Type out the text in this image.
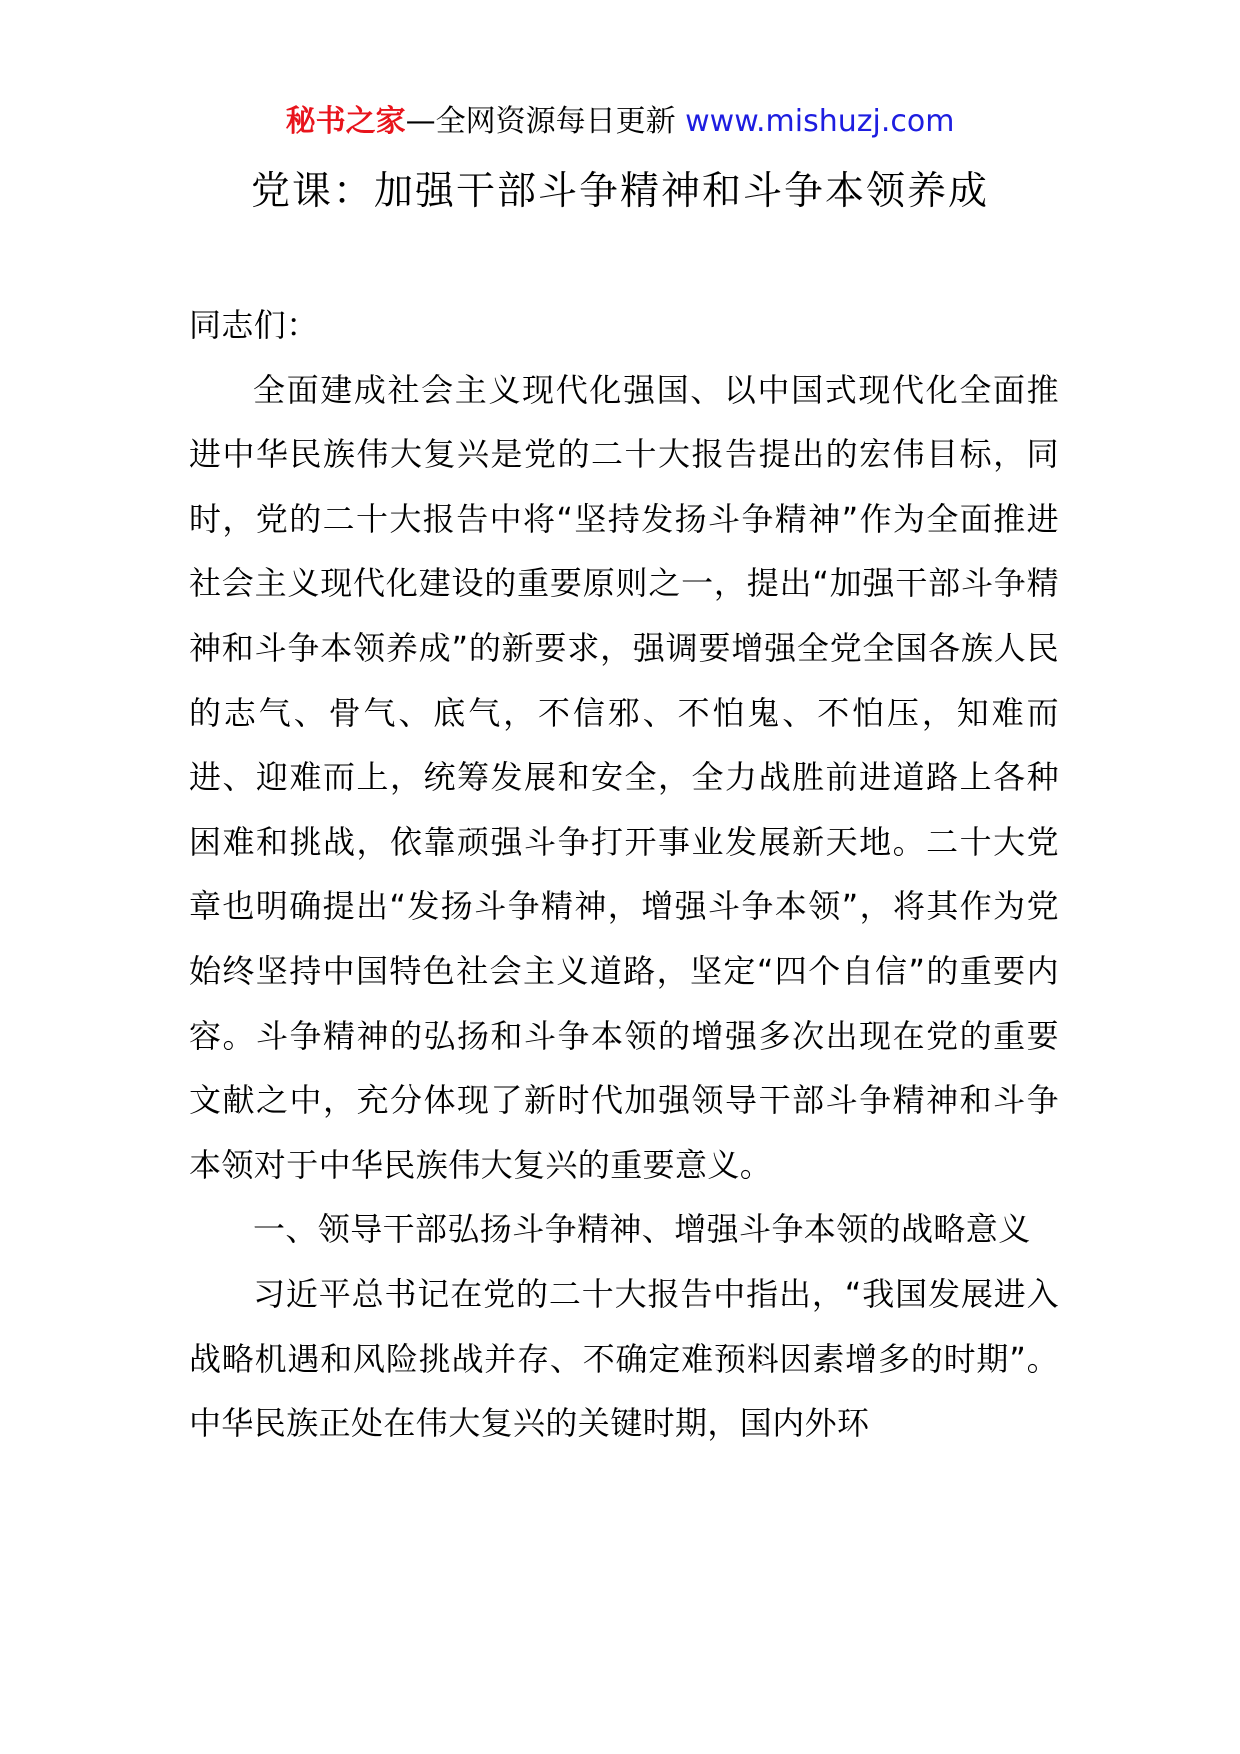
秘书之家—全网资源每日更新 www.mishuzj.com
党课：加强干部斗争精神和斗争本领养成

同志们：

全面建成社会主义现代化强国、以中国式现代化全面推进中华民族伟大复兴是党的二十大报告提出的宏伟目标，同时，党的二十大报告中将“坚持发扬斗争精神”作为全面推进社会主义现代化建设的重要原则之一，提出“加强干部斗争精神和斗争本领养成”的新要求，强调要增强全党全国各族人民的志气、骨气、底气，不信邪、不怕鬼、不怕压，知难而进、迎难而上，统筹发展和安全，全力战胜前进道路上各种困难和挑战，依靠顽强斗争打开事业发展新天地。二十大党章也明确提出“发扬斗争精神，增强斗争本领”，将其作为党始终坚持中国特色社会主义道路，坚定“四个自信”的重要内容。斗争精神的弘扬和斗争本领的增强多次出现在党的重要文献之中，充分体现了新时代加强领导干部斗争精神和斗争本领对于中华民族伟大复兴的重要意义。

一、领导干部弘扬斗争精神、增强斗争本领的战略意义

习近平总书记在党的二十大报告中指出，“我国发展进入战略机遇和风险挑战并存、不确定难预料因素增多的时期”。中华民族正处在伟大复兴的关键时期，国内外环
